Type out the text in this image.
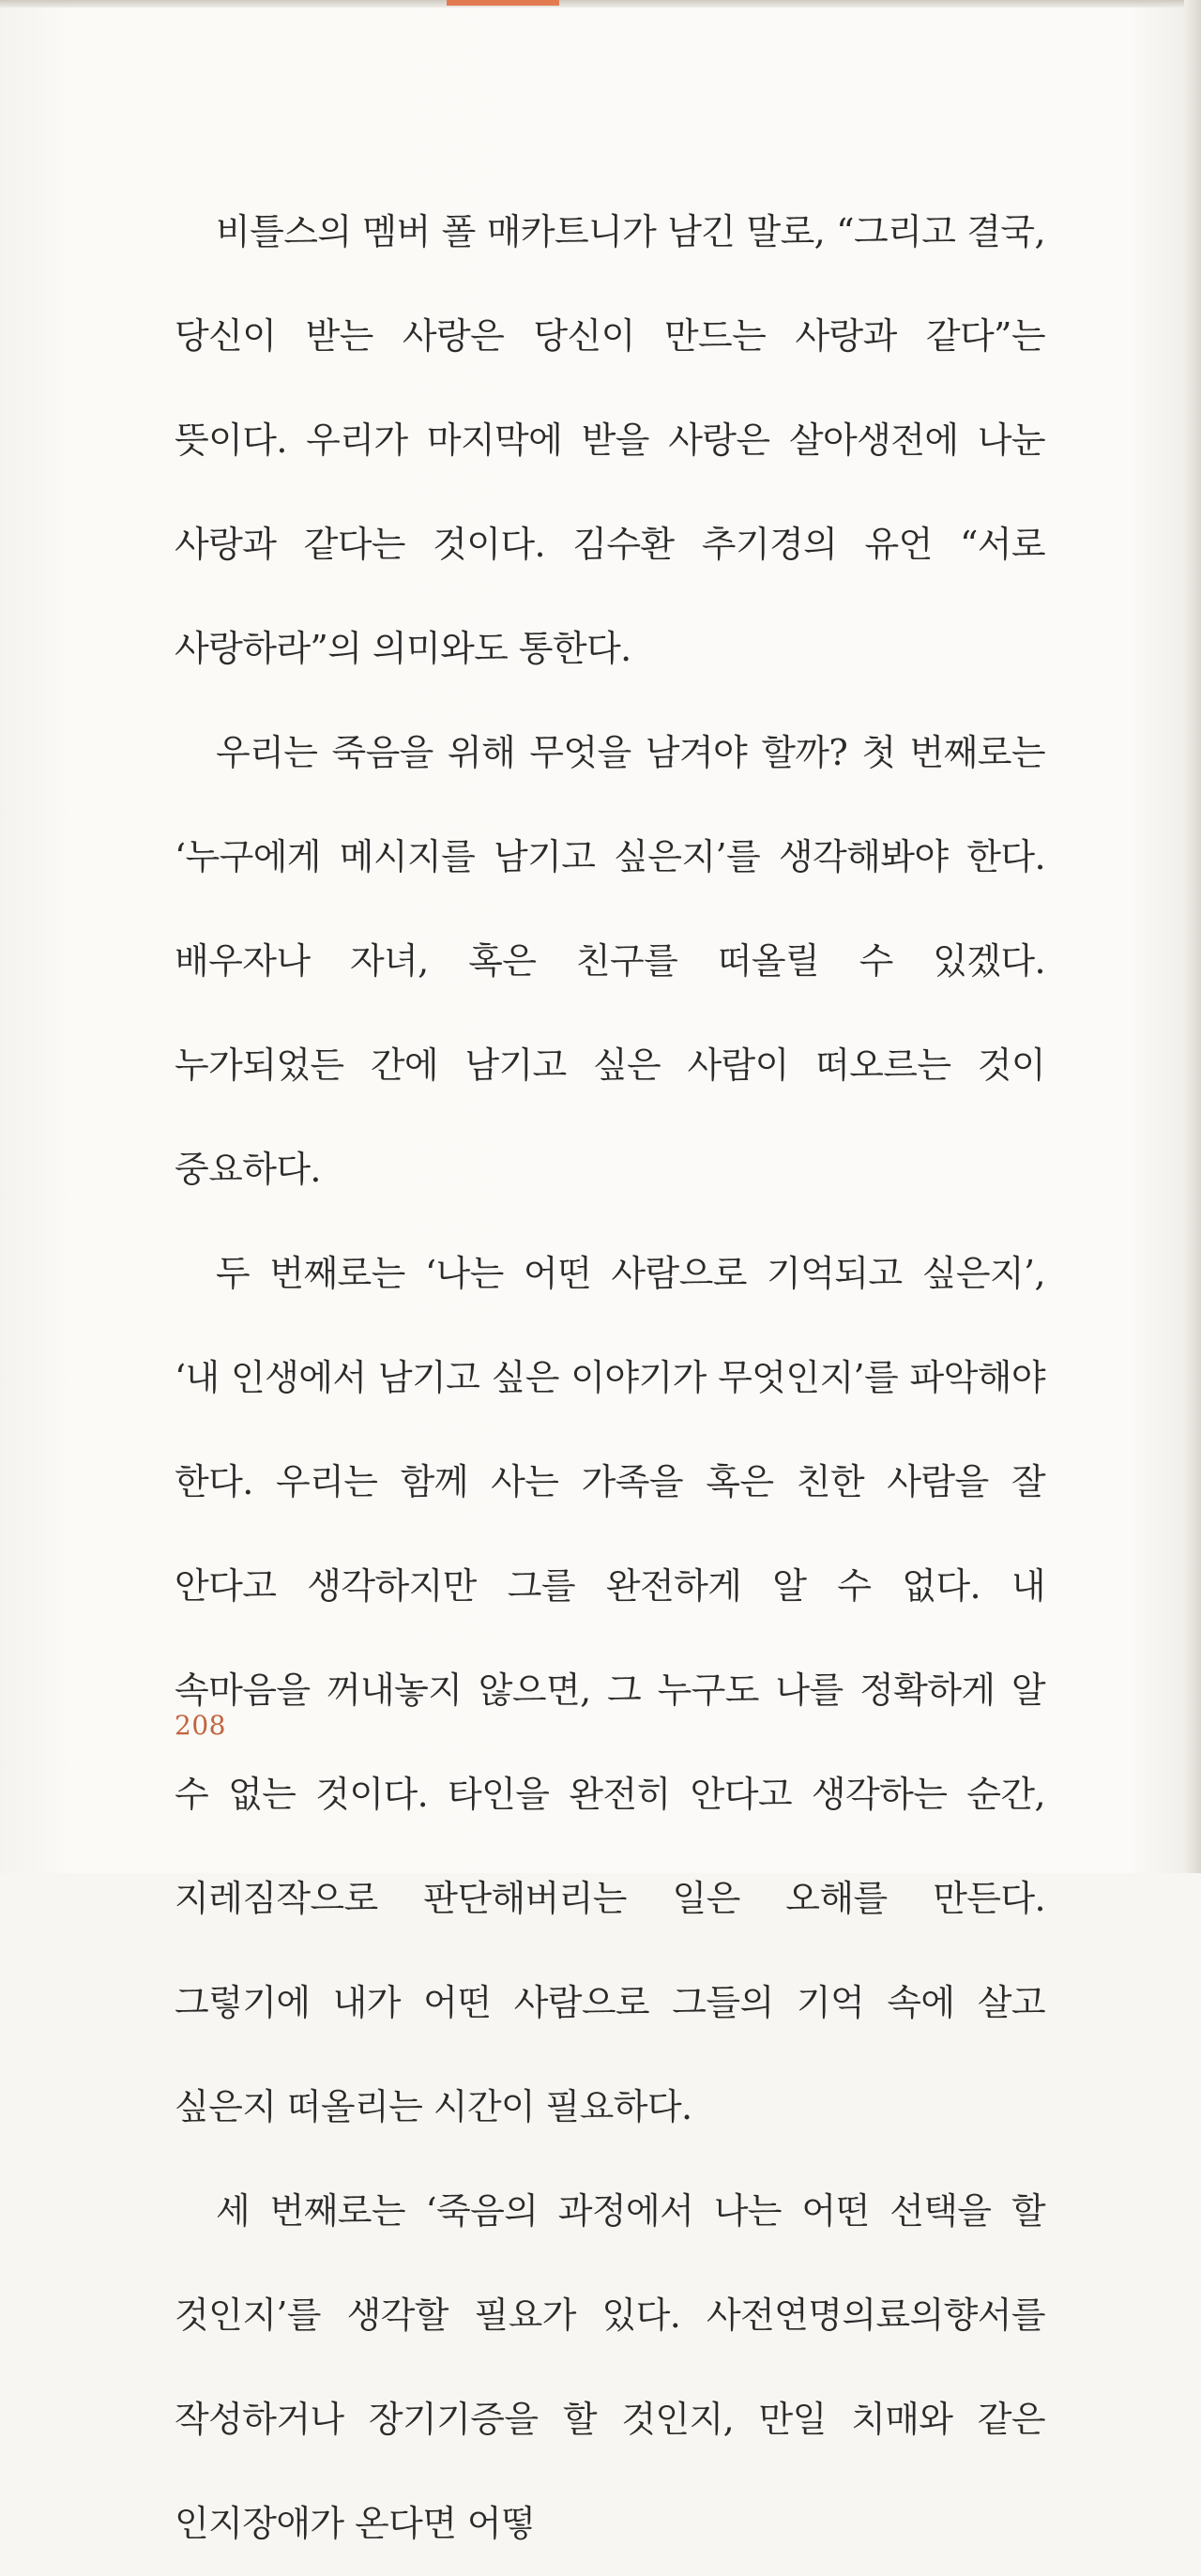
비틀스의 멤버 폴 매카트니가 남긴 말로, “그리고 결국, 당신이 받는 사랑은 당신이 만드는 사랑과 같다”는 뜻이다. 우리가 마지막에 받을 사랑은 살아생전에 나눈 사랑과 같다는 것이다. 김수환 추기경의 유언 “서로 사랑하라”의 의미와도 통한다.

우리는 죽음을 위해 무엇을 남겨야 할까? 첫 번째로는 ‘누구에게 메시지를 남기고 싶은지’를 생각해봐야 한다. 배우자나 자녀, 혹은 친구를 떠올릴 수 있겠다. 누가되었든 간에 남기고 싶은 사람이 떠오르는 것이 중요하다.

두 번째로는 ‘나는 어떤 사람으로 기억되고 싶은지’, ‘내 인생에서 남기고 싶은 이야기가 무엇인지’를 파악해야 한다. 우리는 함께 사는 가족을 혹은 친한 사람을 잘 안다고 생각하지만 그를 완전하게 알 수 없다. 내 속마음을 꺼내놓지 않으면, 그 누구도 나를 정확하게 알 수 없는 것이다. 타인을 완전히 안다고 생각하는 순간, 지레짐작으로 판단해버리는 일은 오해를 만든다. 그렇기에 내가 어떤 사람으로 그들의 기억 속에 살고 싶은지 떠올리는 시간이 필요하다.

세 번째로는 ‘죽음의 과정에서 나는 어떤 선택을 할 것인지’를 생각할 필요가 있다. 사전연명의료의향서를 작성하거나 장기기증을 할 것인지, 만일 치매와 같은 인지장애가 온다면 어떻

208
